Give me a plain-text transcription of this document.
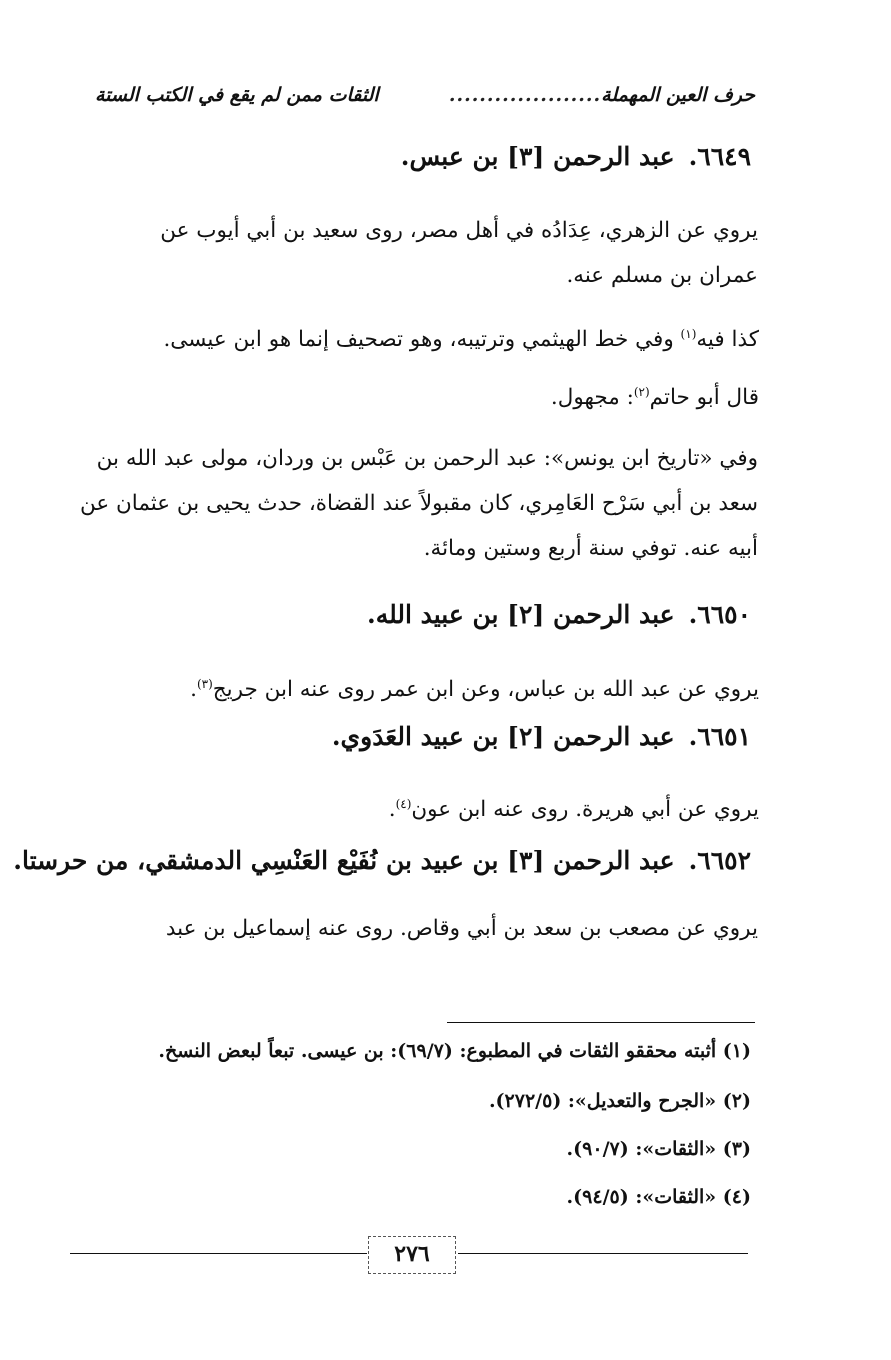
حرف العين المهملة
....................
الثقات ممن لم يقع في الكتب الستة
٦٦٤٩.عبد الرحمن [٣] بن عبس.
يروي عن الزهري، عِدَادُه في أهل مصر، روى سعيد بن أبي أيوب عن
عمران بن مسلم عنه.
كذا فيه$^{(١)}$ وفي خط الهيثمي وترتيبه، وهو تصحيف إنما هو ابن عيسى.
قال أبو حاتم$^{(٢)}$: مجهول.
وفي «تاريخ ابن يونس»: عبد الرحمن بن عَبْس بن وردان، مولى عبد الله بن
سعد بن أبي سَرْح العَامِري، كان مقبولاً عند القضاة، حدث يحيى بن عثمان عن
أبيه عنه. توفي سنة أربع وستين ومائة.
٦٦٥٠.عبد الرحمن [٢] بن عبيد الله.
يروي عن عبد الله بن عباس، وعن ابن عمر روى عنه ابن جريج$^{(٣)}$.
٦٦٥١.عبد الرحمن [٢] بن عبيد العَدَوي.
يروي عن أبي هريرة. روى عنه ابن عون$^{(٤)}$.
٦٦٥٢.عبد الرحمن [٣] بن عبيد بن نُفَيْع العَنْسِي الدمشقي، من حرستا.
يروي عن مصعب بن سعد بن أبي وقاص. روى عنه إسماعيل بن عبد
(١) أثبته محققو الثقات في المطبوع: (٦٩/٧): بن عيسى. تبعاً لبعض النسخ.
(٢) «الجرح والتعديل»: (٢٧٢/٥).
(٣) «الثقات»: (٩٠/٧).
(٤) «الثقات»: (٩٤/٥).
٢٧٦
